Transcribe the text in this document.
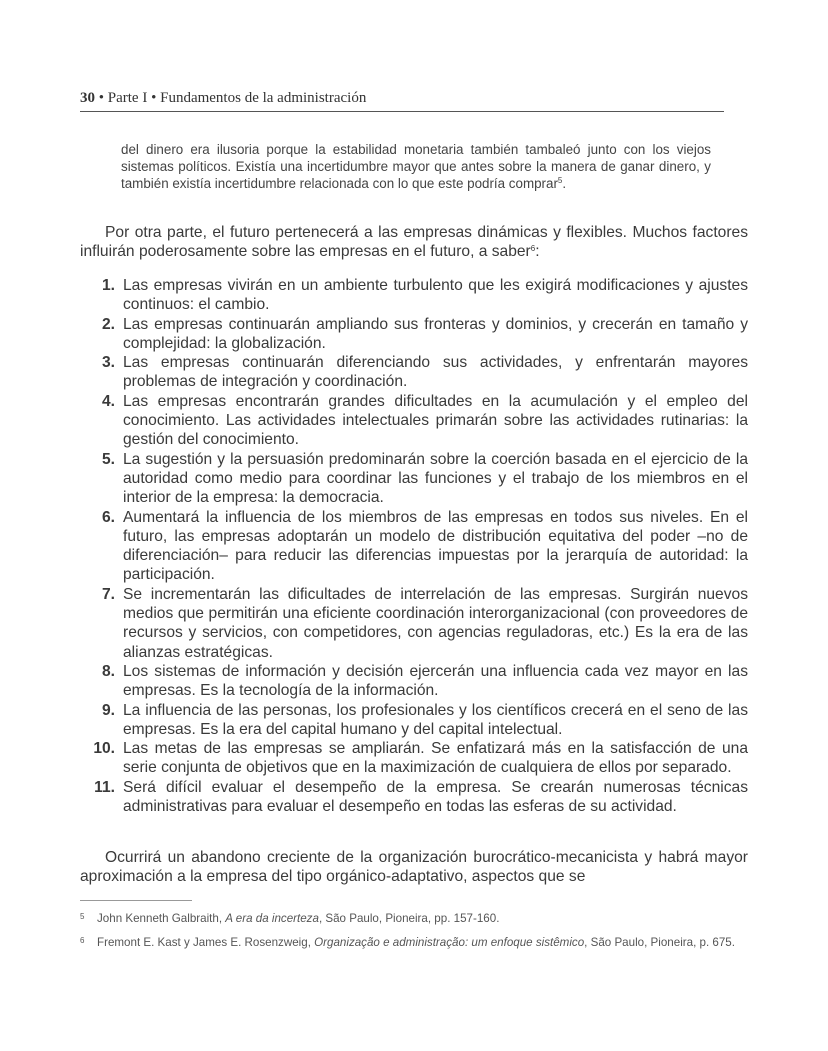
30 • Parte I • Fundamentos de la administración
del dinero era ilusoria porque la estabilidad monetaria también tambaleó junto con los viejos sistemas políticos. Existía una incertidumbre mayor que antes sobre la manera de ganar dinero, y también existía incertidumbre relacionada con lo que este podría comprar$^5$.
Por otra parte, el futuro pertenecerá a las empresas dinámicas y flexibles. Muchos factores influirán poderosamente sobre las empresas en el futuro, a saber$^6$:
1. Las empresas vivirán en un ambiente turbulento que les exigirá modificaciones y ajustes continuos: el cambio.
2. Las empresas continuarán ampliando sus fronteras y dominios, y crecerán en tamaño y complejidad: la globalización.
3. Las empresas continuarán diferenciando sus actividades, y enfrentarán mayores problemas de integración y coordinación.
4. Las empresas encontrarán grandes dificultades en la acumulación y el empleo del conocimiento. Las actividades intelectuales primarán sobre las actividades rutinarias: la gestión del conocimiento.
5. La sugestión y la persuasión predominarán sobre la coerción basada en el ejercicio de la autoridad como medio para coordinar las funciones y el trabajo de los miembros en el interior de la empresa: la democracia.
6. Aumentará la influencia de los miembros de las empresas en todos sus niveles. En el futuro, las empresas adoptarán un modelo de distribución equitativa del poder –no de diferenciación– para reducir las diferencias impuestas por la jerarquía de autoridad: la participación.
7. Se incrementarán las dificultades de interrelación de las empresas. Surgirán nuevos medios que permitirán una eficiente coordinación interorganizacional (con proveedores de recursos y servicios, con competidores, con agencias reguladoras, etc.) Es la era de las alianzas estratégicas.
8. Los sistemas de información y decisión ejercerán una influencia cada vez mayor en las empresas. Es la tecnología de la información.
9. La influencia de las personas, los profesionales y los científicos crecerá en el seno de las empresas. Es la era del capital humano y del capital intelectual.
10. Las metas de las empresas se ampliarán. Se enfatizará más en la satisfacción de una serie conjunta de objetivos que en la maximización de cualquiera de ellos por separado.
11. Será difícil evaluar el desempeño de la empresa. Se crearán numerosas técnicas administrativas para evaluar el desempeño en todas las esferas de su actividad.
Ocurrirá un abandono creciente de la organización burocrático-mecanicista y habrá mayor aproximación a la empresa del tipo orgánico-adaptativo, aspectos que se
5 John Kenneth Galbraith, A era da incerteza, São Paulo, Pioneira, pp. 157-160.
6 Fremont E. Kast y James E. Rosenzweig, Organização e administração: um enfoque sistêmico, São Paulo, Pioneira, p. 675.
